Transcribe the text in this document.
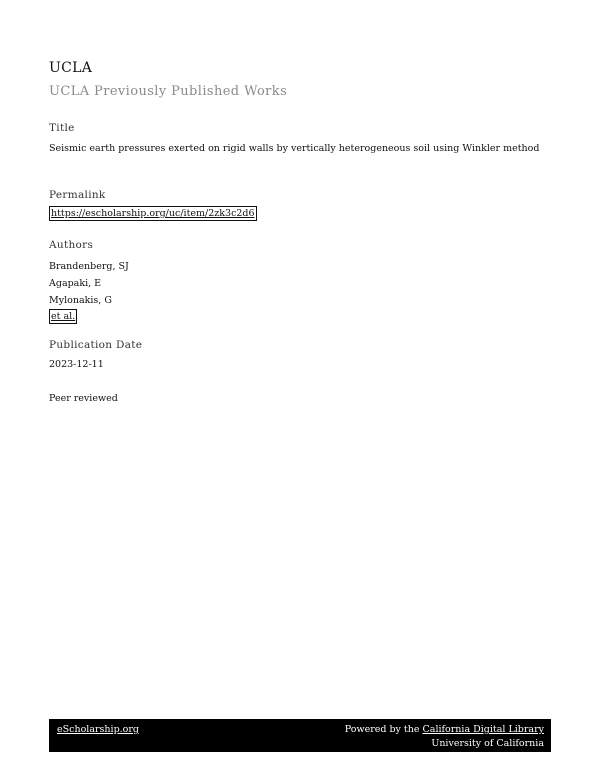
UCLA
UCLA Previously Published Works
Title
Seismic earth pressures exerted on rigid walls by vertically heterogeneous soil using Winkler method
Permalink
https://escholarship.org/uc/item/2zk3c2d6
Authors
Brandenberg, SJ
Agapaki, E
Mylonakis, G
et al.
Publication Date
2023-12-11
Peer reviewed
eScholarship.org	Powered by the California Digital Library
University of California
